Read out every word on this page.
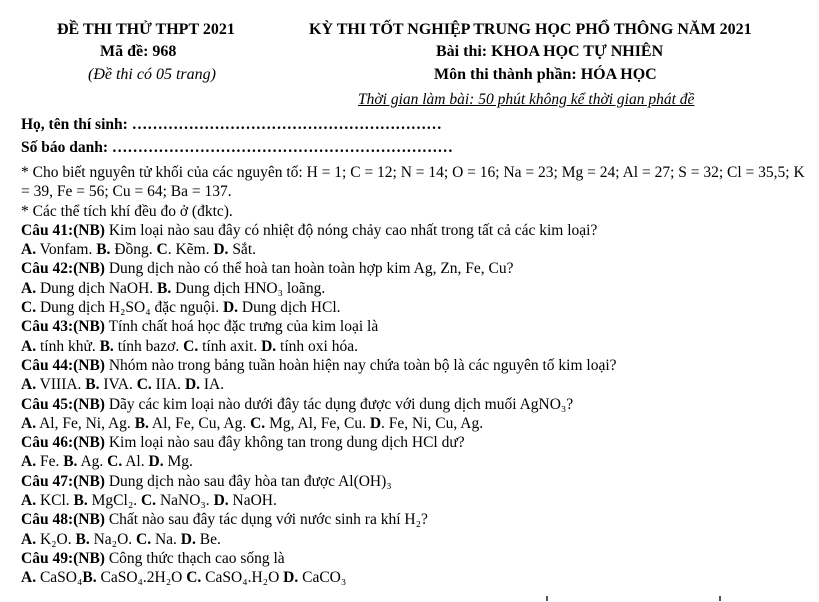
ĐỀ THI THỬ THPT 2021
Mã đề: 968
(Đề thi có 05 trang)
KỲ THI TỐT NGHIỆP TRUNG HỌC PHỔ THÔNG NĂM 2021
Bài thi: KHOA HỌC TỰ NHIÊN
Môn thi thành phần: HÓA HỌC
Thời gian làm bài: 50 phút không kể thời gian phát đề
Họ, tên thí sinh: ……………………………………………………
Số báo danh: …………………………………………………………
* Cho biết nguyên tử khối của các nguyên tố: H = 1; C = 12; N = 14; O = 16; Na = 23; Mg = 24; Al = 27; S = 32; Cl = 35,5; K = 39, Fe = 56; Cu = 64; Ba = 137.
* Các thể tích khí đều đo ở (đktc).
Câu 41:(NB) Kim loại nào sau đây có nhiệt độ nóng chảy cao nhất trong tất cả các kim loại?
A. Vonfam. B. Đồng. C. Kẽm. D. Sắt.
Câu 42:(NB) Dung dịch nào có thể hoà tan hoàn toàn hợp kim Ag, Zn, Fe, Cu?
A. Dung dịch NaOH. B. Dung dịch HNO₃ loãng.
C. Dung dịch H₂SO₄ đặc nguội. D. Dung dịch HCl.
Câu 43:(NB) Tính chất hoá học đặc trưng của kim loại là
A. tính khử. B. tính bazơ. C. tính axit. D. tính oxi hóa.
Câu 44:(NB) Nhóm nào trong bảng tuần hoàn hiện nay chứa toàn bộ là các nguyên tố kim loại?
A. VIIIA. B. IVA. C. IIA. D. IA.
Câu 45:(NB) Dãy các kim loại nào dưới đây tác dụng được với dung dịch muối AgNO₃?
A. Al, Fe, Ni, Ag. B. Al, Fe, Cu, Ag. C. Mg, Al, Fe, Cu. D. Fe, Ni, Cu, Ag.
Câu 46:(NB) Kim loại nào sau đây không tan trong dung dịch HCl dư?
A. Fe. B. Ag. C. Al. D. Mg.
Câu 47:(NB) Dung dịch nào sau đây hòa tan được Al(OH)₃
A. KCl. B. MgCl₂. C. NaNO₃. D. NaOH.
Câu 48:(NB) Chất nào sau đây tác dụng với nước sinh ra khí H₂?
A. K₂O. B. Na₂O. C. Na. D. Be.
Câu 49:(NB) Công thức thạch cao sống là
A. CaSO₄B. CaSO₄.2H₂O C. CaSO₄.H₂O D. CaCO₃
